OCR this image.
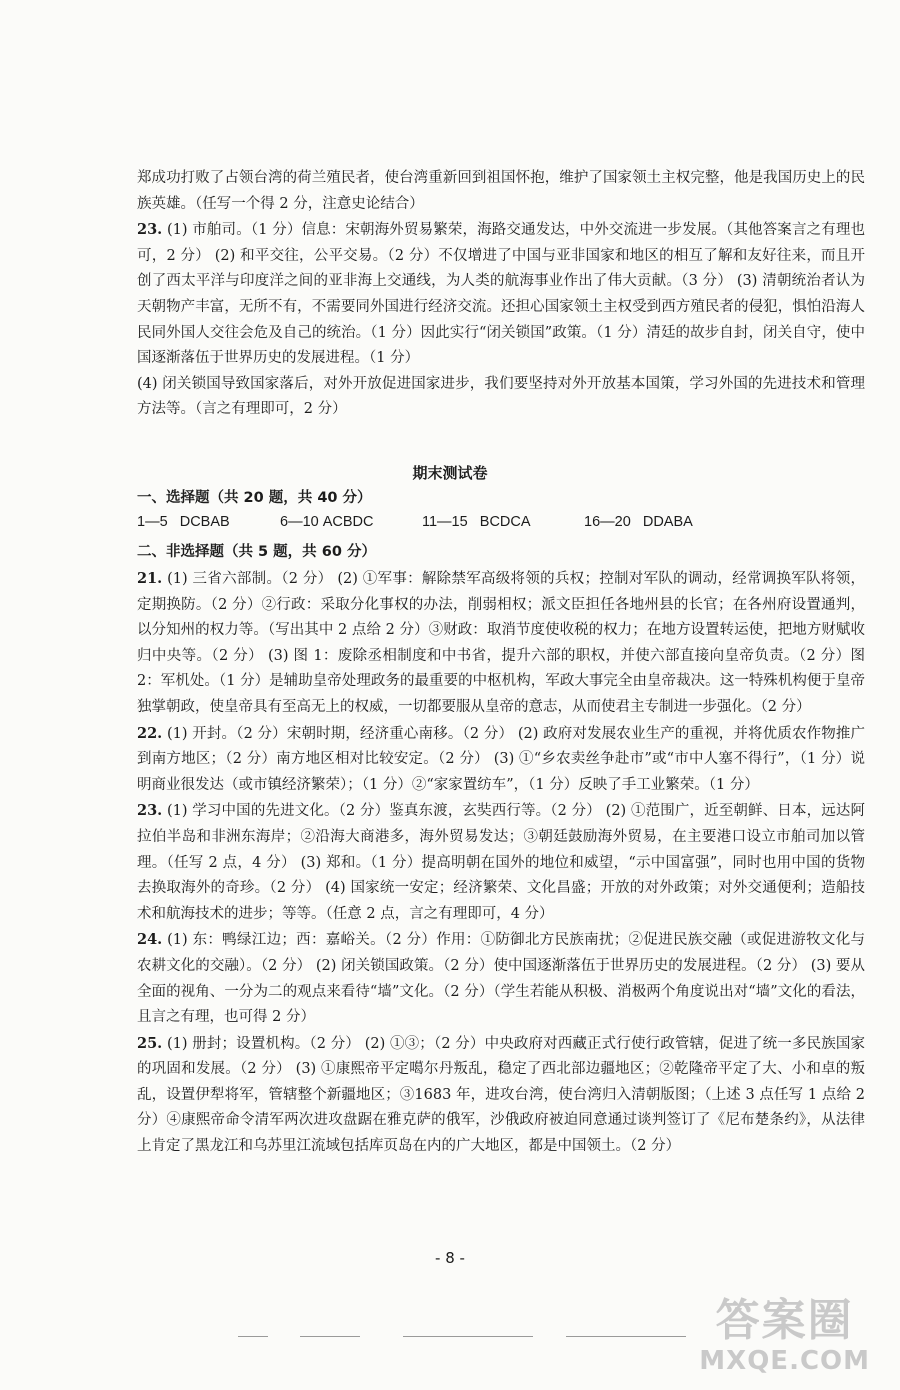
郑成功打败了占领台湾的荷兰殖民者，使台湾重新回到祖国怀抱，维护了国家领土主权完整，他是我国历史上的民族英雄。（任写一个得 2 分，注意史论结合）

23. (1) 市舶司。（1 分）信息：宋朝海外贸易繁荣，海路交通发达，中外交流进一步发展。（其他答案言之有理也可，2 分） (2) 和平交往，公平交易。（2 分）不仅增进了中国与亚非国家和地区的相互了解和友好往来，而且开创了西太平洋与印度洋之间的亚非海上交通线，为人类的航海事业作出了伟大贡献。（3 分） (3) 清朝统治者认为天朝物产丰富，无所不有，不需要同外国进行经济交流。还担心国家领土主权受到西方殖民者的侵犯，惧怕沿海人民同外国人交往会危及自己的统治。（1 分）因此实行“闭关锁国”政策。（1 分）清廷的故步自封，闭关自守，使中国逐渐落伍于世界历史的发展进程。（1 分）

(4) 闭关锁国导致国家落后，对外开放促进国家进步，我们要坚持对外开放基本国策，学习外国的先进技术和管理方法等。（言之有理即可，2 分）

期末测试卷
一、选择题（共 20 题，共 40 分）
1—5 DCBAB	6—10 ACBDC	11—15 BCDCA	16—20 DDABA
二、非选择题（共 5 题，共 60 分）

21. (1) 三省六部制。（2 分） (2) ①军事：解除禁军高级将领的兵权；控制对军队的调动，经常调换军队将领，定期换防。（2 分）②行政：采取分化事权的办法，削弱相权；派文臣担任各地州县的长官；在各州府设置通判，以分知州的权力等。（写出其中 2 点给 2 分）③财政：取消节度使收税的权力；在地方设置转运使，把地方财赋收归中央等。（2 分） (3) 图 1：废除丞相制度和中书省，提升六部的职权，并使六部直接向皇帝负责。（2 分）图 2：军机处。（1 分）是辅助皇帝处理政务的最重要的中枢机构，军政大事完全由皇帝裁决。这一特殊机构便于皇帝独掌朝政，使皇帝具有至高无上的权威，一切都要服从皇帝的意志，从而使君主专制进一步强化。（2 分）

22. (1) 开封。（2 分）宋朝时期，经济重心南移。（2 分） (2) 政府对发展农业生产的重视，并将优质农作物推广到南方地区；（2 分）南方地区相对比较安定。（2 分） (3) ①“乡农卖丝争赴市”或“市中人塞不得行”，（1 分）说明商业很发达（或市镇经济繁荣）；（1 分）②“家家置纺车”，（1 分）反映了手工业繁荣。（1 分）

23. (1) 学习中国的先进文化。（2 分）鉴真东渡，玄奘西行等。（2 分） (2) ①范围广，近至朝鲜、日本，远达阿拉伯半岛和非洲东海岸；②沿海大商港多，海外贸易发达；③朝廷鼓励海外贸易，在主要港口设立市舶司加以管理。（任写 2 点，4 分） (3) 郑和。（1 分）提高明朝在国外的地位和威望，“示中国富强”，同时也用中国的货物去换取海外的奇珍。（2 分） (4) 国家统一安定；经济繁荣、文化昌盛；开放的对外政策；对外交通便利；造船技术和航海技术的进步；等等。（任意 2 点，言之有理即可，4 分）

24. (1) 东：鸭绿江边；西：嘉峪关。（2 分）作用：①防御北方民族南扰；②促进民族交融（或促进游牧文化与农耕文化的交融）。（2 分） (2) 闭关锁国政策。（2 分）使中国逐渐落伍于世界历史的发展进程。（2 分） (3) 要从全面的视角、一分为二的观点来看待“墙”文化。（2 分）（学生若能从积极、消极两个角度说出对“墙”文化的看法，且言之有理，也可得 2 分）

25. (1) 册封；设置机构。（2 分） (2) ①③；（2 分）中央政府对西藏正式行使行政管辖，促进了统一多民族国家的巩固和发展。（2 分） (3) ①康熙帝平定噶尔丹叛乱，稳定了西北部边疆地区；②乾隆帝平定了大、小和卓的叛乱，设置伊犁将军，管辖整个新疆地区；③1683 年，进攻台湾，使台湾归入清朝版图；（上述 3 点任写 1 点给 2 分）④康熙帝命令清军两次进攻盘踞在雅克萨的俄军，沙俄政府被迫同意通过谈判签订了《尼布楚条约》，从法律上肯定了黑龙江和乌苏里江流域包括库页岛在内的广大地区，都是中国领土。（2 分）

- 8 -
答案圈
MXQE.COM
